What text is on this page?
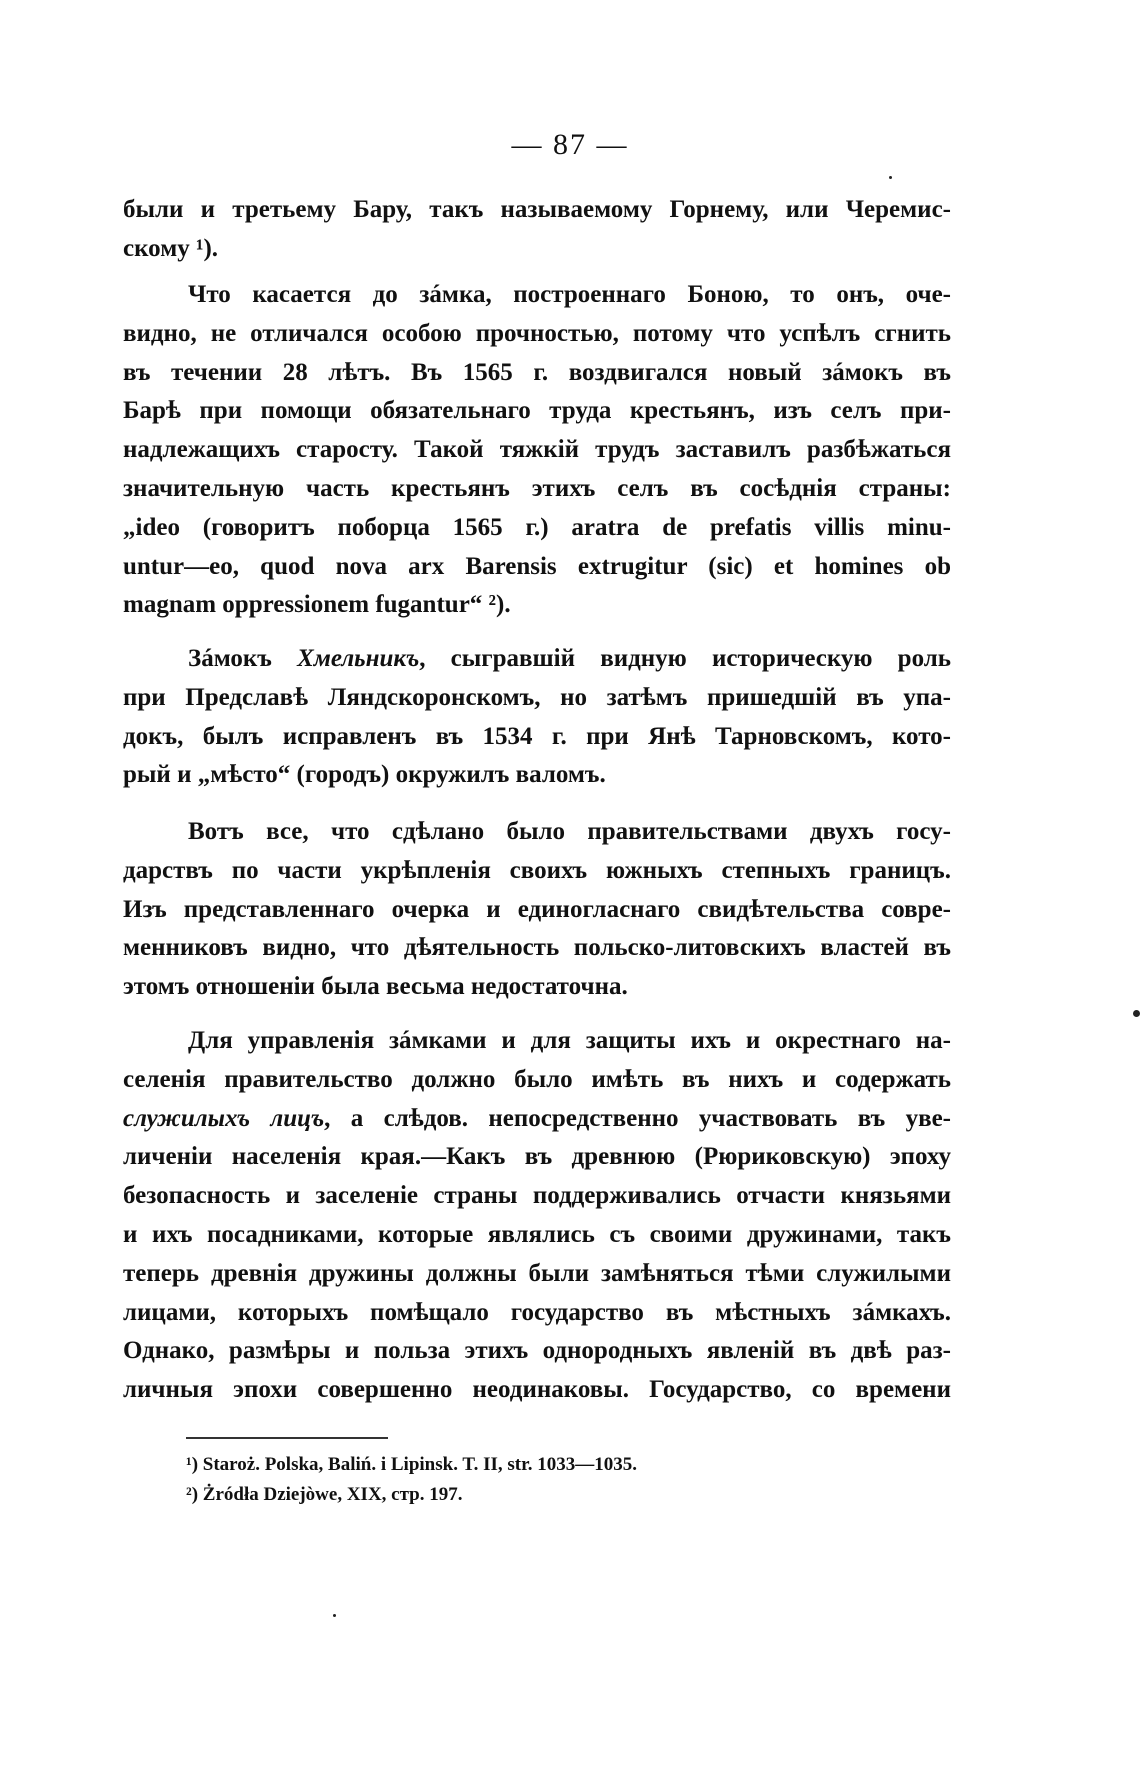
— 87 —
были и третьему Бару, такъ называемому Горнему, или Черемис-
скому ¹).
Что касается до зáмка, построеннаго Боною, то онъ, оче-
видно, не отличался особою прочностью, потому что успѣлъ сгнить
въ течении 28 лѣтъ. Въ 1565 г. воздвигался новый зáмокъ въ
Барѣ при помощи обязательнаго труда крестьянъ, изъ селъ при-
надлежащихъ старосту. Такой тяжкій трудъ заставилъ разбѣжаться
значительную часть крестьянъ этихъ селъ въ сосѣднія страны:
„ideo (говоритъ поборца 1565 г.) aratra de prefatis villis minu-
untur—eo, quod nova arx Barensis extrugitur (sic) et homines ob
magnam oppressionem fugantur“ ²).
Зáмокъ Хмельникъ, сыгравшій видную историческую роль
при Предславѣ Ляндскоронскомъ, но затѣмъ пришедшій въ упа-
докъ, былъ исправленъ въ 1534 г. при Янѣ Тарновскомъ, кото-
рый и „мѣсто“ (городъ) окружилъ валомъ.
Вотъ все, что сдѣлано было правительствами двухъ госу-
дарствъ по части укрѣпленія своихъ южныхъ степныхъ границъ.
Изъ представленнаго очерка и единогласнаго свидѣтельства совре-
менниковъ видно, что дѣятельность польско-литовскихъ властей въ
этомъ отношеніи была весьма недостаточна.
Для управленія зáмками и для защиты ихъ и окрестнаго на-
селенія правительство должно было имѣть въ нихъ и содержать
служилыхъ лицъ, а слѣдов. непосредственно участвовать въ уве-
личеніи населенія края.—Какъ въ древнюю (Рюриковскую) эпоху
безопасность и заселеніе страны поддерживались отчасти князьями
и ихъ посадниками, которые являлись съ своими дружинами, такъ
теперь древнія дружины должны были замѣняться тѣми служилыми
лицами, которыхъ помѣщало государство въ мѣстныхъ зáмкахъ.
Однако, размѣры и польза этихъ однородныхъ явленій въ двѣ раз-
личныя эпохи совершенно неодинаковы. Государство, со времени
¹) Staroż. Polska, Baliń. i Lipinsk. T. II, str. 1033—1035.
²) Żródła Dziejòwe, XIX, стр. 197.
